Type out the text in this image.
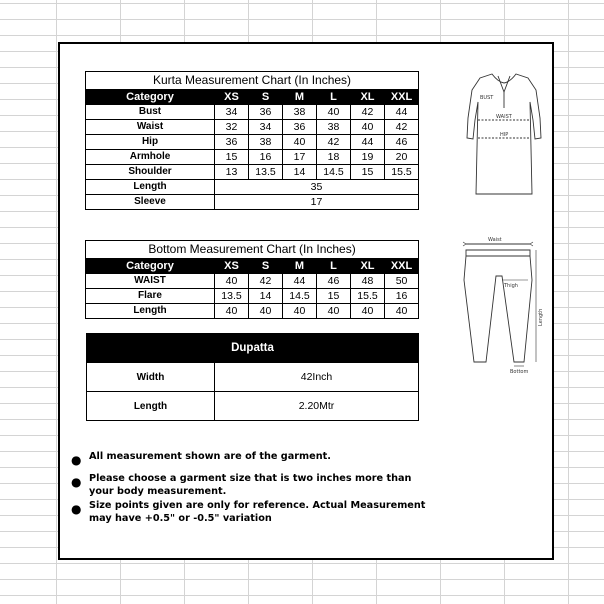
Kurta Measurement Chart (In Inches)						
Category	XS	S	M	L	XL	XXL
Bust	34	36	38	40	42	44
Waist	32	34	36	38	40	42
Hip	36	38	40	42	44	46
Armhole	15	16	17	18	19	20
Shoulder	13	13.5	14	14.5	15	15.5
Length	35					
Sleeve	17					
BUST
WAIST
HIP
Bottom Measurement Chart (In Inches)						
Category	XS	S	M	L	XL	XXL
WAIST	40	42	44	46	48	50
Flare	13.5	14	14.5	15	15.5	16
Length	40	40	40	40	40	40
Waist
Thigh
Length
Bottom
Dupatta	
Width	42Inch
Length	2.20Mtr
● All measurement shown are of the garment.
● Please choose a garment size that is two inches more than your body measurement.
● Size points given are only for reference. Actual Measurement      may have +0.5" or -0.5" variation
